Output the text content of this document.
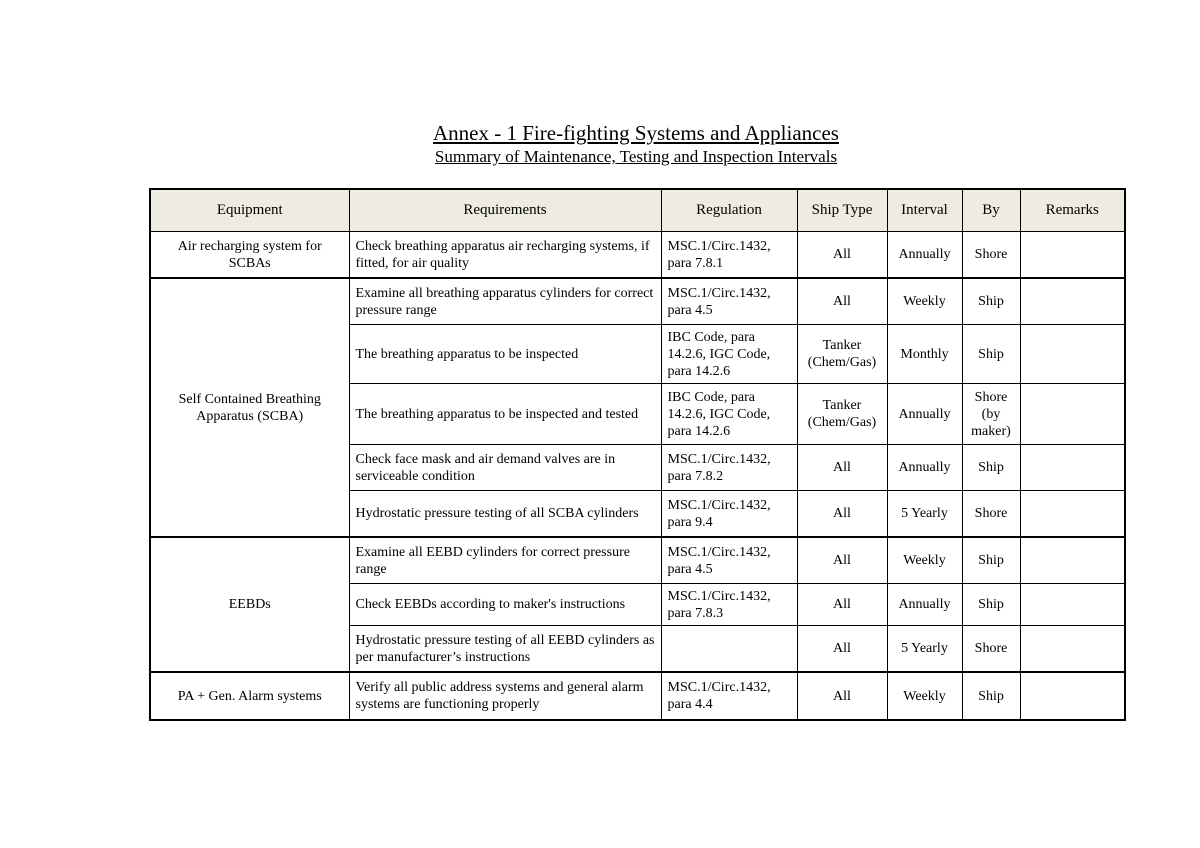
Annex - 1 Fire-fighting Systems and Appliances

Summary of Maintenance, Testing and Inspection Intervals

Equipment	Requirements	Regulation	Ship Type	Interval	By	Remarks
Air recharging system for SCBAs	Check breathing apparatus air recharging systems, if fitted, for air quality	MSC.1/Circ.1432, para 7.8.1	All	Annually	Shore	
Self Contained Breathing Apparatus (SCBA)	Examine all breathing apparatus cylinders for correct pressure range	MSC.1/Circ.1432, para 4.5	All	Weekly	Ship	
	The breathing apparatus to be inspected	IBC Code, para 14.2.6, IGC Code, para 14.2.6	Tanker (Chem/Gas)	Monthly	Ship	
	The breathing apparatus to be inspected and tested	IBC Code, para 14.2.6, IGC Code, para 14.2.6	Tanker (Chem/Gas)	Annually	Shore (by maker)	
	Check face mask and air demand valves are in serviceable condition	MSC.1/Circ.1432, para 7.8.2	All	Annually	Ship	
	Hydrostatic pressure testing of all SCBA cylinders	MSC.1/Circ.1432, para 9.4	All	5 Yearly	Shore	
EEBDs	Examine all EEBD cylinders for correct pressure range	MSC.1/Circ.1432, para 4.5	All	Weekly	Ship	
	Check EEBDs according to maker's instructions	MSC.1/Circ.1432, para 7.8.3	All	Annually	Ship	
	Hydrostatic pressure testing of all EEBD cylinders as per manufacturer’s instructions		All	5 Yearly	Shore	
PA + Gen. Alarm systems	Verify all public address systems and general alarm systems are functioning properly	MSC.1/Circ.1432, para 4.4	All	Weekly	Ship	
